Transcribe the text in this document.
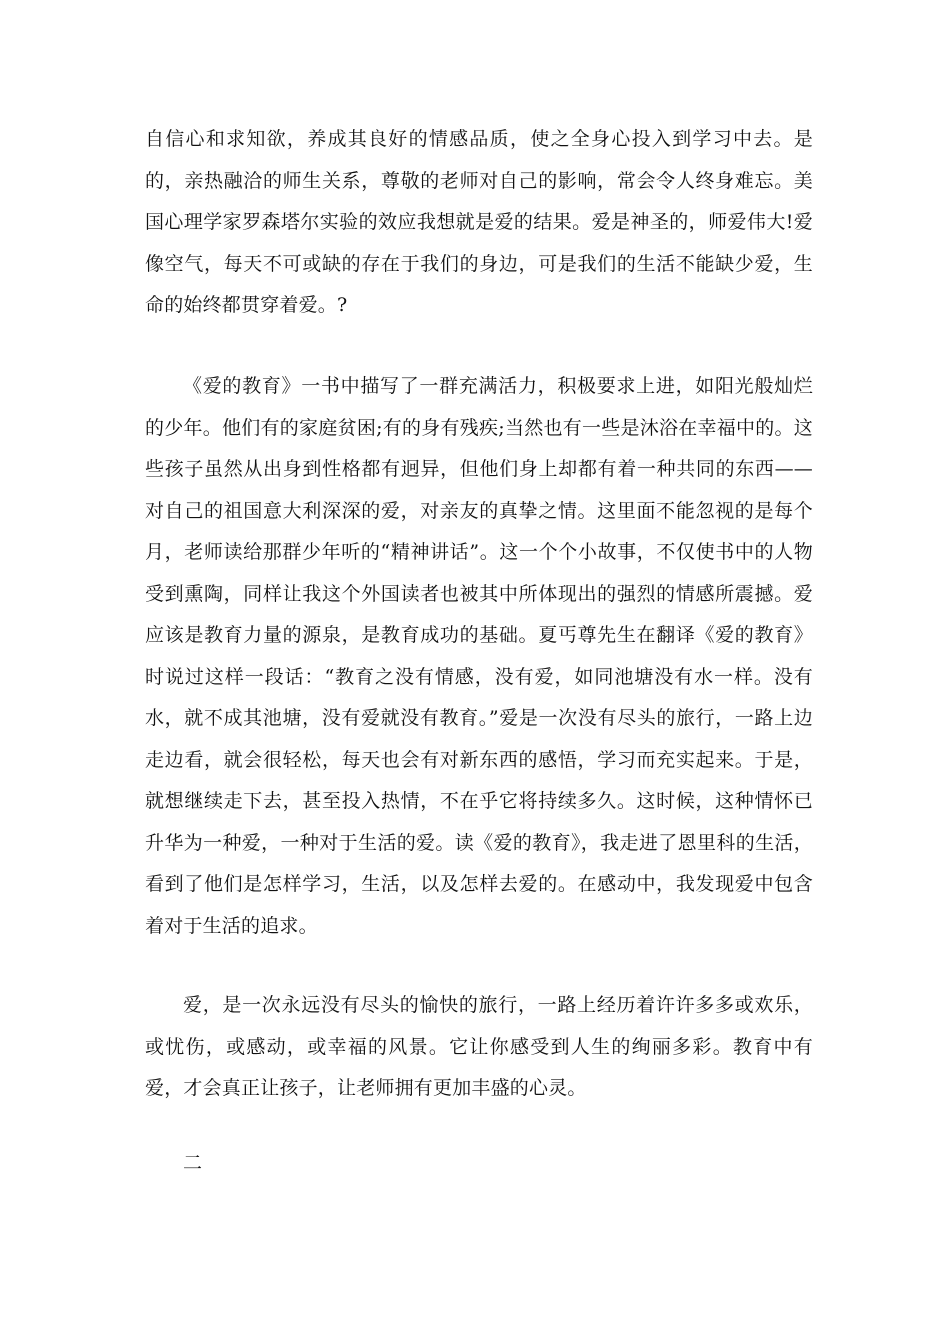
自信心和求知欲，养成其良好的情感品质，使之全身心投入到学习中去。是的，亲热融洽的师生关系，尊敬的老师对自己的影响，常会令人终身难忘。美国心理学家罗森塔尔实验的效应我想就是爱的结果。爱是神圣的，师爱伟大!爱像空气，每天不可或缺的存在于我们的身边，可是我们的生活不能缺少爱，生命的始终都贯穿着爱。?

《爱的教育》一书中描写了一群充满活力，积极要求上进，如阳光般灿烂的少年。他们有的家庭贫困;有的身有残疾;当然也有一些是沐浴在幸福中的。这些孩子虽然从出身到性格都有迥异，但他们身上却都有着一种共同的东西——对自己的祖国意大利深深的爱，对亲友的真挚之情。这里面不能忽视的是每个月，老师读给那群少年听的“精神讲话”。这一个个小故事，不仅使书中的人物受到熏陶，同样让我这个外国读者也被其中所体现出的强烈的情感所震撼。爱应该是教育力量的源泉，是教育成功的基础。夏丐尊先生在翻译《爱的教育》时说过这样一段话：“教育之没有情感，没有爱，如同池塘没有水一样。没有水，就不成其池塘，没有爱就没有教育。”爱是一次没有尽头的旅行，一路上边走边看，就会很轻松，每天也会有对新东西的感悟，学习而充实起来。于是，就想继续走下去，甚至投入热情，不在乎它将持续多久。这时候，这种情怀已升华为一种爱，一种对于生活的爱。读《爱的教育》，我走进了恩里科的生活，看到了他们是怎样学习，生活，以及怎样去爱的。在感动中，我发现爱中包含着对于生活的追求。

爱，是一次永远没有尽头的愉快的旅行，一路上经历着许许多多或欢乐，或忧伤，或感动，或幸福的风景。它让你感受到人生的绚丽多彩。教育中有爱，才会真正让孩子，让老师拥有更加丰盛的心灵。

二
